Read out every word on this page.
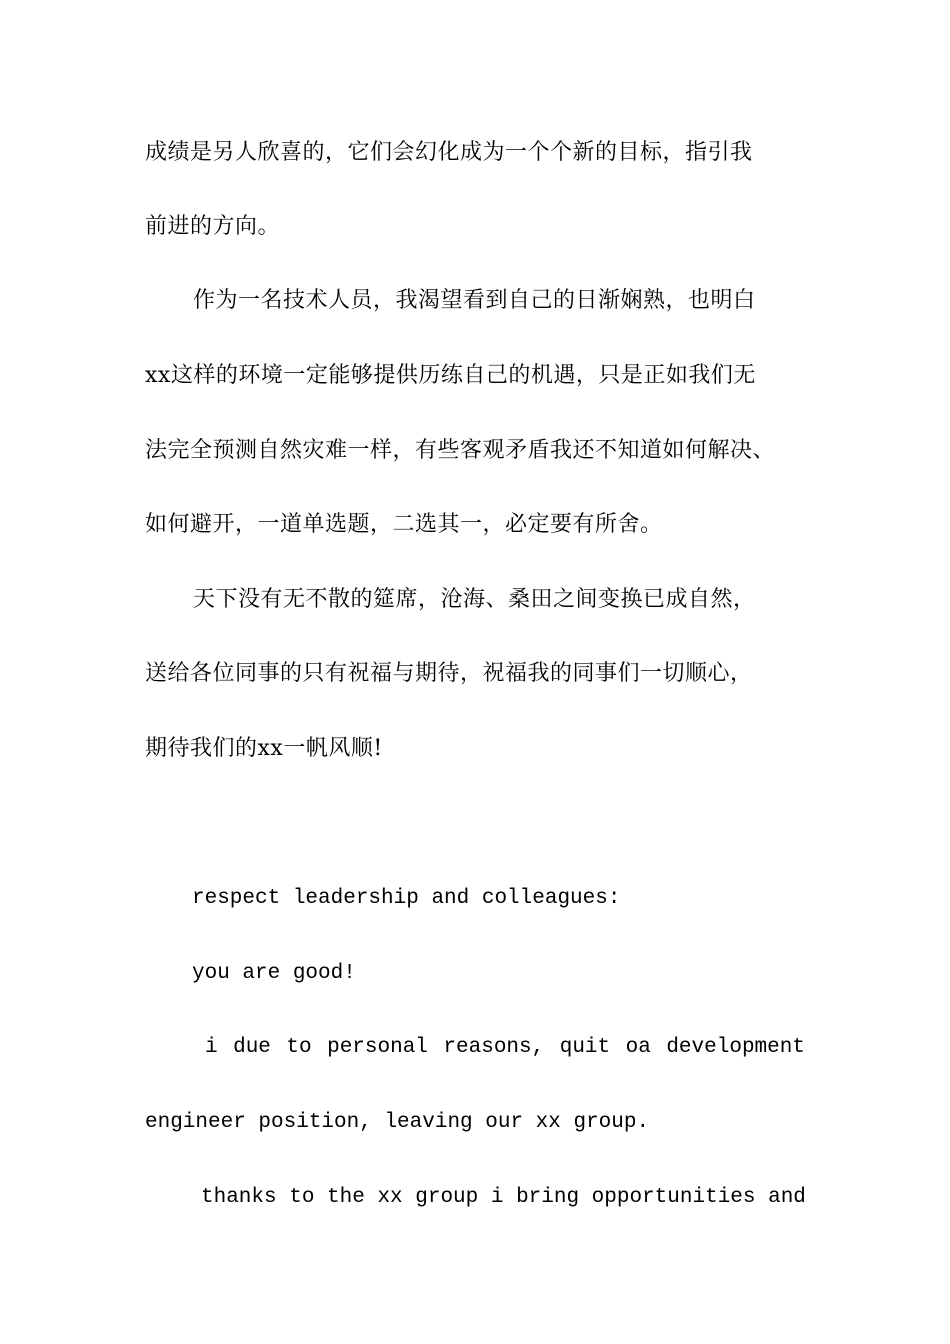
成绩是另人欣喜的，它们会幻化成为一个个新的目标，指引我
前进的方向。
作为一名技术人员，我渴望看到自己的日渐娴熟，也明白
xx这样的环境一定能够提供历练自己的机遇，只是正如我们无
法完全预测自然灾难一样，有些客观矛盾我还不知道如何解决、
如何避开，一道单选题，二选其一，必定要有所舍。
天下没有无不散的筵席，沧海、桑田之间变换已成自然，
送给各位同事的只有祝福与期待，祝福我的同事们一切顺心，
期待我们的xx一帆风顺!
respect leadership and colleagues:
you are good!
i due to personal reasons, quit oa development
engineer position, leaving our xx group.
thanks to the xx group i bring opportunities and
